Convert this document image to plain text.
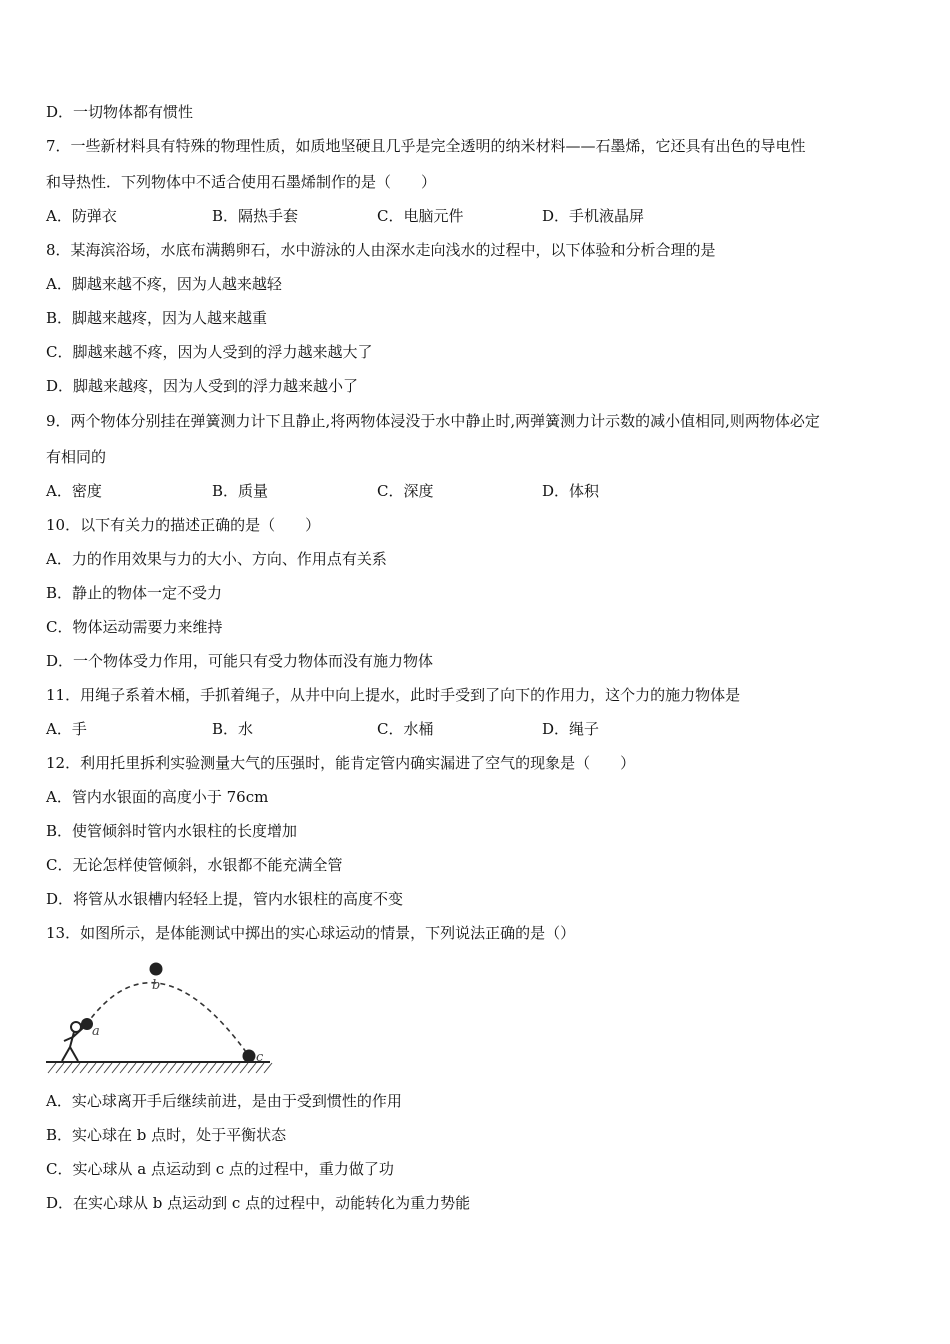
D．一切物体都有惯性
7．一些新材料具有特殊的物理性质，如质地坚硬且几乎是完全透明的纳米材料——石墨烯，它还具有出色的导电性
和导热性．下列物体中不适合使用石墨烯制作的是（　　）
A．防弹衣	B．隔热手套	C．电脑元件	D．手机液晶屏
8．某海滨浴场，水底布满鹅卵石，水中游泳的人由深水走向浅水的过程中，以下体验和分析合理的是
A．脚越来越不疼，因为人越来越轻
B．脚越来越疼，因为人越来越重
C．脚越来越不疼，因为人受到的浮力越来越大了
D．脚越来越疼，因为人受到的浮力越来越小了
9．两个物体分别挂在弹簧测力计下且静止,将两物体浸没于水中静止时,两弹簧测力计示数的减小值相同,则两物体必定
有相同的
A．密度	B．质量	C．深度	D．体积
10．以下有关力的描述正确的是（　　）
A．力的作用效果与力的大小、方向、作用点有关系
B．静止的物体一定不受力
C．物体运动需要力来维持
D．一个物体受力作用，可能只有受力物体而没有施力物体
11．用绳子系着木桶，手抓着绳子，从井中向上提水，此时手受到了向下的作用力，这个力的施力物体是
A．手	B．水	C．水桶	D．绳子
12．利用托里拆利实验测量大气的压强时，能肯定管内确实漏进了空气的现象是（　　）
A．管内水银面的高度小于 76cm
B．使管倾斜时管内水银柱的长度增加
C．无论怎样使管倾斜，水银都不能充满全管
D．将管从水银槽内轻轻上提，管内水银柱的高度不变
13．如图所示，是体能测试中掷出的实心球运动的情景，下列说法正确的是（）
a
b
c
A．实心球离开手后继续前进，是由于受到惯性的作用
B．实心球在 b 点时，处于平衡状态
C．实心球从 a 点运动到 c 点的过程中，重力做了功
D．在实心球从 b 点运动到 c 点的过程中，动能转化为重力势能
